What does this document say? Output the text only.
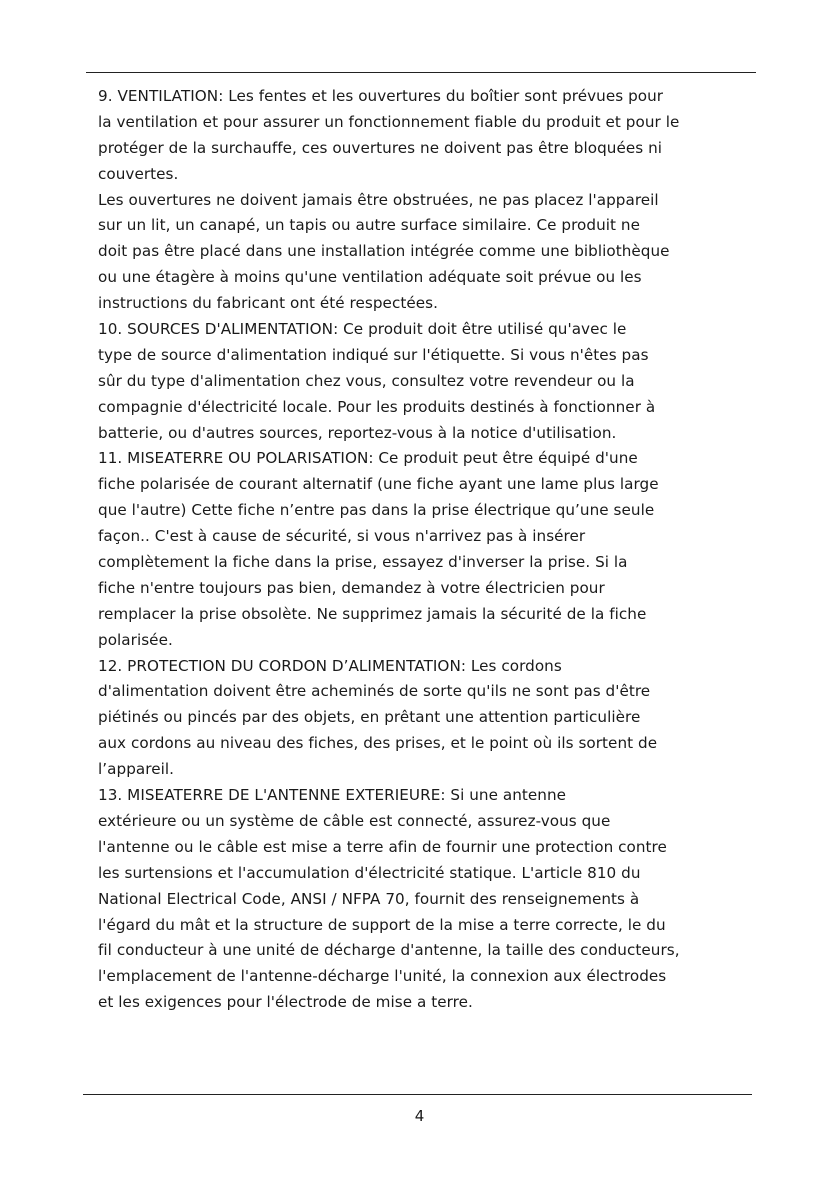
9. VENTILATION: Les fentes et les ouvertures du boîtier sont prévues pour
la ventilation et pour assurer un fonctionnement fiable du produit et pour le
protéger de la surchauffe, ces ouvertures ne doivent pas être bloquées ni
couvertes.
Les ouvertures ne doivent jamais être obstruées, ne pas placez l'appareil
sur un lit, un canapé, un tapis ou autre surface similaire. Ce produit ne
doit pas être placé dans une installation intégrée comme une bibliothèque
ou une étagère à moins qu'une ventilation adéquate soit prévue ou les
instructions du fabricant ont été respectées.
10. SOURCES D'ALIMENTATION: Ce produit doit être utilisé qu'avec le
type de source d'alimentation indiqué sur l'étiquette. Si vous n'êtes pas
sûr du type d'alimentation chez vous, consultez votre revendeur ou la
compagnie d'électricité locale. Pour les produits destinés à fonctionner à
batterie, ou d'autres sources, reportez-vous à la notice d'utilisation.
11. MISEATERRE OU POLARISATION: Ce produit peut être équipé d'une
fiche polarisée de courant alternatif (une fiche ayant une lame plus large
que l'autre) Cette fiche n’entre pas dans la prise électrique qu’une seule
façon.. C'est à cause de sécurité, si vous n'arrivez pas à insérer
complètement la fiche dans la prise, essayez d'inverser la prise. Si la
fiche n'entre toujours pas bien, demandez à votre électricien pour
remplacer la prise obsolète. Ne supprimez jamais la sécurité de la fiche
polarisée.
12. PROTECTION DU CORDON D’ALIMENTATION: Les cordons
d'alimentation doivent être acheminés de sorte qu'ils ne sont pas d'être
piétinés ou pincés par des objets, en prêtant une attention particulière
aux cordons au niveau des fiches, des prises, et le point où ils sortent de
l’appareil.
13. MISEATERRE DE L'ANTENNE EXTERIEURE: Si une antenne
extérieure ou un système de câble est connecté, assurez-vous que
l'antenne ou le câble est mise a terre afin de fournir une protection contre
les surtensions et l'accumulation d'électricité statique. L'article 810 du
National Electrical Code, ANSI / NFPA 70, fournit des renseignements à
l'égard du mât et la structure de support de la mise a terre correcte, le du
fil conducteur à une unité de décharge d'antenne, la taille des conducteurs,
l'emplacement de l'antenne-décharge l'unité, la connexion aux électrodes
et les exigences pour l'électrode de mise a terre.
4
